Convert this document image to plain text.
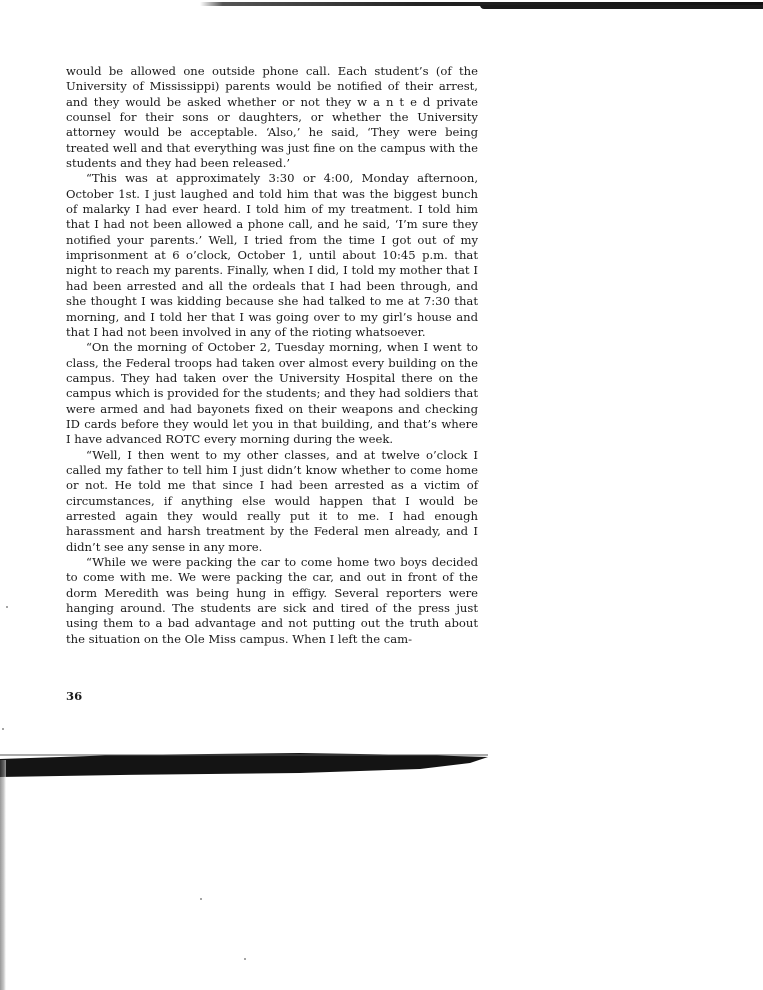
would be allowed one outside phone call. Each student’s (of the University of Mississippi) parents would be notified of their arrest, and they would be asked whether or not they w a n t e d private counsel for their sons or daughters, or whether the University attorney would be acceptable. ‘Also,’ he said, ‘They were being treated well and that everything was just fine on the campus with the students and they had been released.’

“This was at approximately 3:30 or 4:00, Monday afternoon, October 1st. I just laughed and told him that was the biggest bunch of malarky I had ever heard. I told him of my treatment. I told him that I had not been allowed a phone call, and he said, ‘I’m sure they notified your parents.’ Well, I tried from the time I got out of my imprisonment at 6 o’clock, October 1, until about 10:45 p.m. that night to reach my parents. Finally, when I did, I told my mother that I had been arrested and all the ordeals that I had been through, and she thought I was kidding because she had talked to me at 7:30 that morning, and I told her that I was going over to my girl’s house and that I had not been involved in any of the rioting whatsoever.

“On the morning of October 2, Tuesday morning, when I went to class, the Federal troops had taken over almost every building on the campus. They had taken over the University Hospital there on the campus which is provided for the students; and they had soldiers that were armed and had bayonets fixed on their weapons and checking ID cards before they would let you in that building, and that’s where I have advanced ROTC every morning during the week.

“Well, I then went to my other classes, and at twelve o’clock I called my father to tell him I just didn’t know whether to come home or not. He told me that since I had been arrested as a victim of circumstances, if anything else would happen that I would be arrested again they would really put it to me. I had enough harassment and harsh treatment by the Federal men already, and I didn’t see any sense in any more.

“While we were packing the car to come home two boys decided to come with me. We were packing the car, and out in front of the dorm Meredith was being hung in effigy. Several reporters were hanging around. The students are sick and tired of the press just using them to a bad advantage and not putting out the truth about the situation on the Ole Miss campus. When I left the cam-

36
